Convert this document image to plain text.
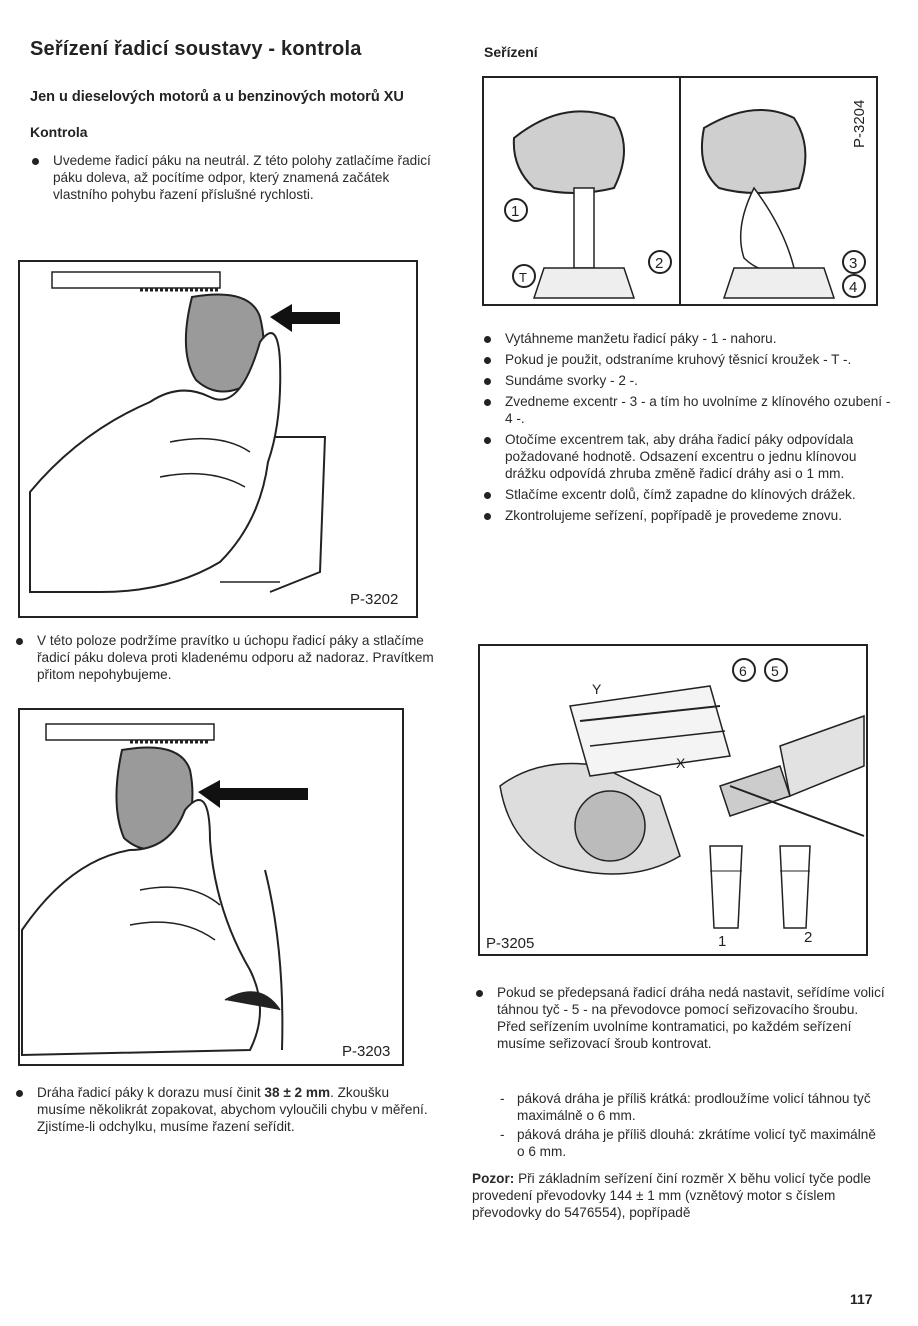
Seřízení řadicí soustavy - kontrola
Jen u dieselových motorů a u benzinových motorů XU
Kontrola
Uvedeme řadicí páku na neutrál. Z této polohy zatlačíme řadicí páku doleva, až pocítíme odpor, který znamená začátek vlastního pohybu řazení příslušné rychlosti.
P-3202
V této poloze podržíme pravítko u úchopu řadicí páky a stlačíme řadicí páku doleva proti kladenému odporu až nadoraz. Pravítkem přitom nepohybujeme.
P-3203
Dráha řadicí páky k dorazu musí činit 38 ± 2 mm. Zkoušku musíme několikrát zopakovat, abychom vyloučili chybu v měření. Zjistíme-li odchylku, musíme řazení seřídit.
Seřízení
1
T
2	3
4
P-3204
Vytáhneme manžetu řadicí páky - 1 - nahoru.
Pokud je použit, odstraníme kruhový těsnicí kroužek - T -.
Sundáme svorky - 2 -.
Zvedneme excentr - 3 - a tím ho uvolníme z klínového ozubení - 4 -.
Otočíme excentrem tak, aby dráha řadicí páky odpovídala požadované hodnotě. Odsazení excentru o jednu klínovou drážku odpovídá zhruba změně řadicí dráhy asi o 1 mm.
Stlačíme excentr dolů, čímž zapadne do klínových drážek.
Zkontrolujeme seřízení, popřípadě je provedeme znovu.
6 5
Y
X
1	2
P-3205
Pokud se předepsaná řadicí dráha nedá nastavit, seřídíme volicí táhnou tyč - 5 - na převodovce pomocí seřizovacího šroubu. Před seřízením uvolníme kontramatici, po každém seřízení musíme seřizovací šroub kontrovat.
- páková dráha je příliš krátká: prodloužíme volicí táhnou tyč maximálně o 6 mm.
- páková dráha je příliš dlouhá: zkrátíme volicí tyč maximálně o 6 mm.
Pozor: Při základním seřízení činí rozměr X běhu volicí tyče podle provedení převodovky 144 ± 1 mm (vznětový motor s číslem převodovky do 5476554), popřípadě
117
